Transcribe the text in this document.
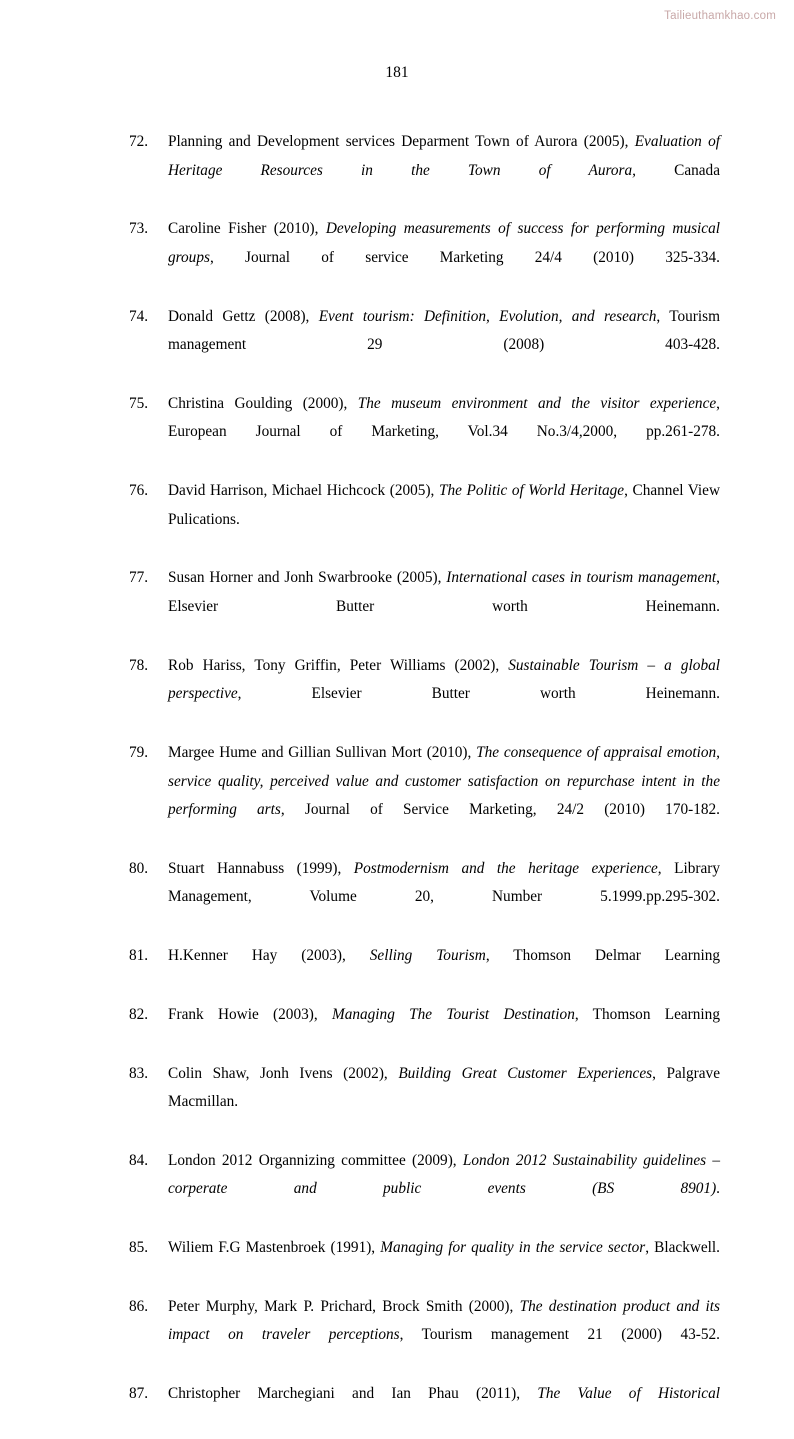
Tailieuthamkhao.com
181
72.	Planning and Development services Deparment Town of Aurora (2005), Evaluation of Heritage Resources in the Town of Aurora, Canada
73.	Caroline Fisher (2010), Developing measurements of success for performing musical groups, Journal of service Marketing 24/4 (2010) 325-334.
74.	Donald Gettz (2008), Event tourism: Definition, Evolution, and research, Tourism management 29 (2008) 403-428.
75.	Christina Goulding (2000), The museum environment and the visitor experience, European Journal of Marketing, Vol.34 No.3/4,2000, pp.261-278.
76.	David Harrison, Michael Hichcock (2005), The Politic of World Heritage, Channel View Pulications.
77.	Susan Horner and Jonh Swarbrooke (2005), International cases in tourism management, Elsevier Butter worth Heinemann.
78.	Rob Hariss, Tony Griffin, Peter Williams (2002), Sustainable Tourism – a global perspective, Elsevier Butter worth Heinemann.
79.	Margee Hume and Gillian Sullivan Mort (2010), The consequence of appraisal emotion, service quality, perceived value and customer satisfaction on repurchase intent in the performing arts, Journal of Service Marketing, 24/2 (2010) 170-182.
80.	Stuart Hannabuss (1999), Postmodernism and the heritage experience, Library Management, Volume 20, Number 5.1999.pp.295-302.
81.	H.Kenner Hay (2003), Selling Tourism, Thomson Delmar Learning
82.	Frank Howie (2003), Managing The Tourist Destination, Thomson Learning
83.	Colin Shaw, Jonh Ivens (2002), Building Great Customer Experiences, Palgrave Macmillan.
84.	London 2012 Organnizing committee (2009), London 2012 Sustainability guidelines – corperate and public events (BS 8901).
85.	Wiliem F.G Mastenbroek (1991), Managing for quality in the service sector, Blackwell.
86.	Peter Murphy, Mark P. Prichard, Brock Smith (2000), The destination product and its impact on traveler perceptions, Tourism management 21 (2000) 43-52.
87.	Christopher Marchegiani and Ian Phau (2011), The Value of Historical
